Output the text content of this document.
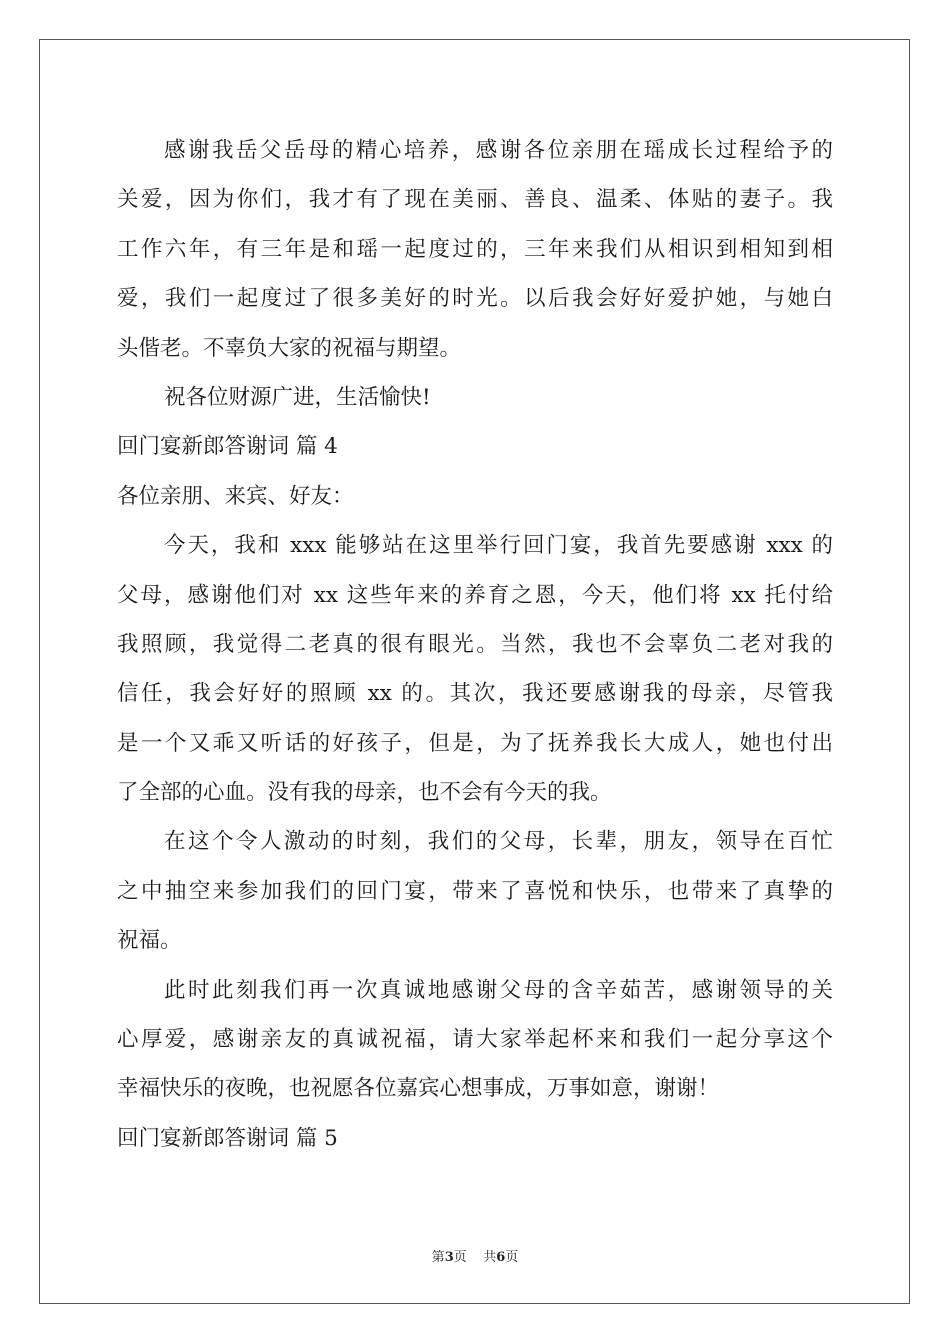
感谢我岳父岳母的精心培养，感谢各位亲朋在瑶成长过程给予的
关爱，因为你们，我才有了现在美丽、善良、温柔、体贴的妻子。我
工作六年，有三年是和瑶一起度过的，三年来我们从相识到相知到相
爱，我们一起度过了很多美好的时光。以后我会好好爱护她，与她白
头偕老。不辜负大家的祝福与期望。
祝各位财源广进，生活愉快!
回门宴新郎答谢词 篇 4
各位亲朋、来宾、好友：
今天，我和 xxx 能够站在这里举行回门宴，我首先要感谢 xxx 的
父母，感谢他们对 xx 这些年来的养育之恩，今天，他们将 xx 托付给
我照顾，我觉得二老真的很有眼光。当然，我也不会辜负二老对我的
信任，我会好好的照顾 xx 的。其次，我还要感谢我的母亲，尽管我
是一个又乖又听话的好孩子，但是，为了抚养我长大成人，她也付出
了全部的心血。没有我的母亲，也不会有今天的我。
在这个令人激动的时刻，我们的父母，长辈，朋友，领导在百忙
之中抽空来参加我们的回门宴，带来了喜悦和快乐，也带来了真挚的
祝福。
此时此刻我们再一次真诚地感谢父母的含辛茹苦，感谢领导的关
心厚爱，感谢亲友的真诚祝福，请大家举起杯来和我们一起分享这个
幸福快乐的夜晚，也祝愿各位嘉宾心想事成，万事如意，谢谢！
回门宴新郎答谢词 篇 5
第3页    共6页
